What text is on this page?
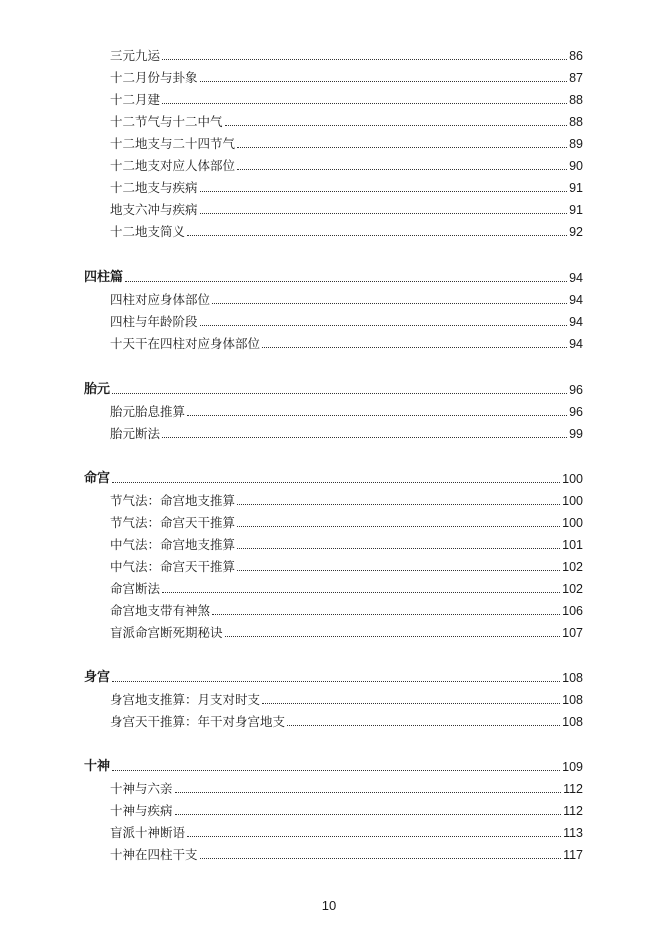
三元九运	86
十二月份与卦象	87
十二月建	88
十二节气与十二中气	88
十二地支与二十四节气	89
十二地支对应人体部位	90
十二地支与疾病	91
地支六冲与疾病	91
十二地支简义	92
四柱篇	94
四柱对应身体部位	94
四柱与年龄阶段	94
十天干在四柱对应身体部位	94
胎元	96
胎元胎息推算	96
胎元断法	99
命宫	100
节气法：命宫地支推算	100
节气法：命宫天干推算	100
中气法：命宫地支推算	101
中气法：命宫天干推算	102
命宫断法	102
命宫地支带有神煞	106
盲派命宫断死期秘诀	107
身宫	108
身宫地支推算：月支对时支	108
身宫天干推算：年干对身宫地支	108
十神	109
十神与六亲	112
十神与疾病	112
盲派十神断语	113
十神在四柱干支	117
10
